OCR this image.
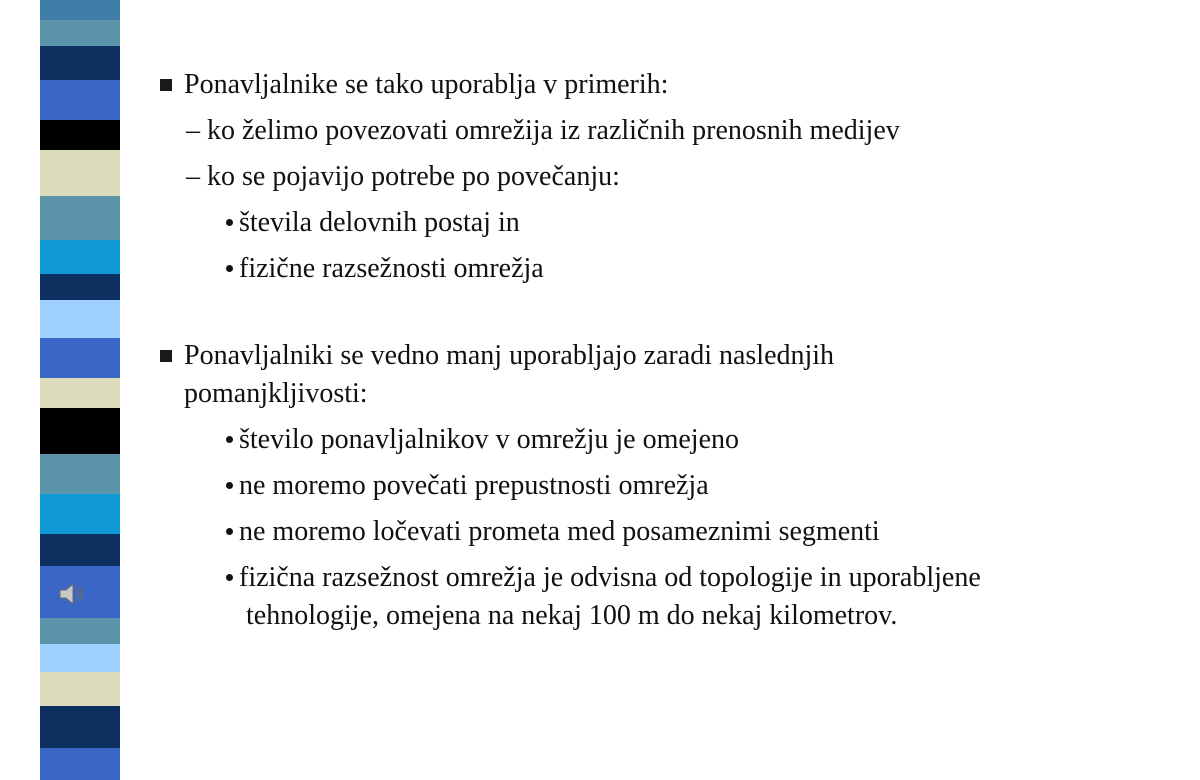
Ponavljalnike se tako uporablja v primerih:
– ko želimo povezovati omrežija iz različnih prenosnih medijev
– ko se pojavijo potrebe po povečanju:
števila delovnih postaj in
fizične razsežnosti omrežja
Ponavljalniki se vedno manj uporabljajo zaradi naslednjih
pomanjkljivosti:
število ponavljalnikov v omrežju je omejeno
ne moremo povečati prepustnosti omrežja
ne moremo ločevati prometa med posameznimi segmenti
fizična razsežnost omrežja je odvisna od topologije in uporabljene
tehnologije, omejena na nekaj 100 m do nekaj kilometrov.
